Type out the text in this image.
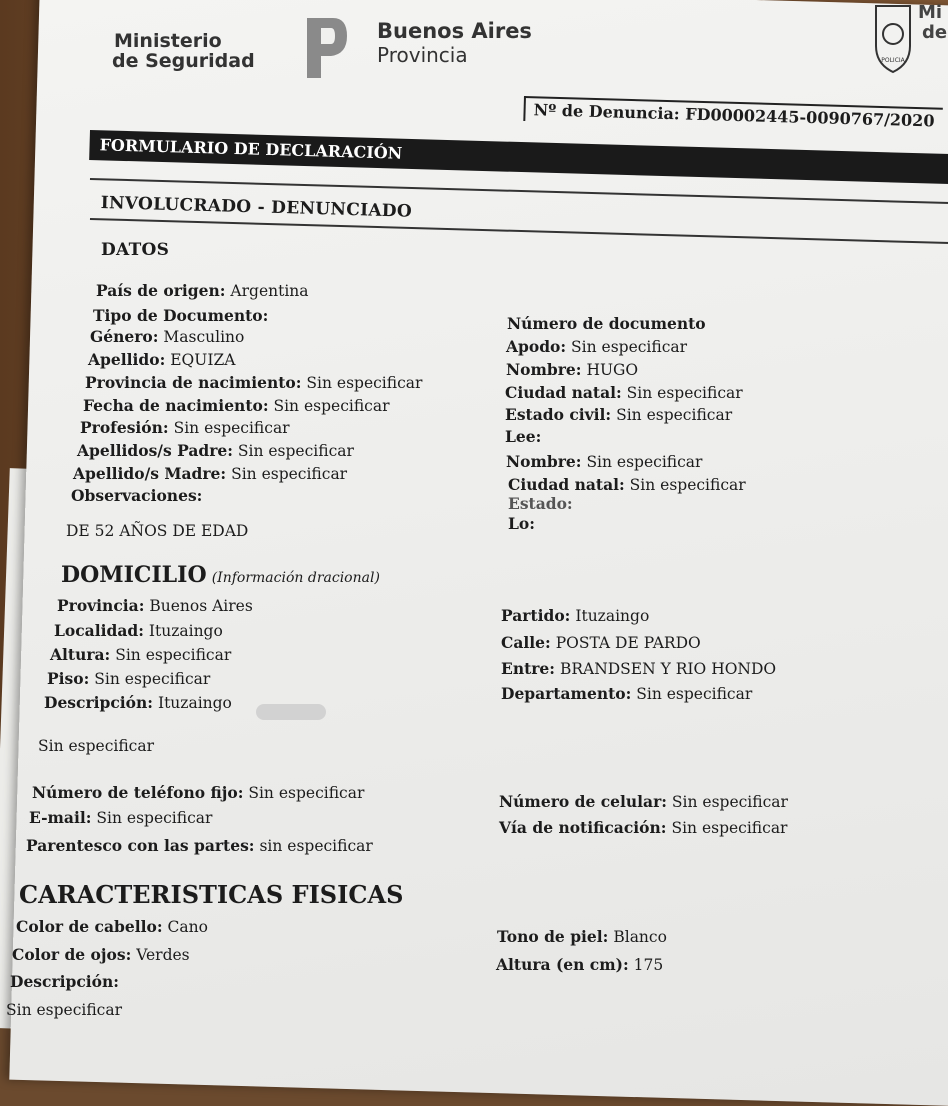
Ministerio
de Seguridad
Buenos Aires
Provincia	POLICIA
Mi
de
Nº de Denuncia: FD00002445-0090767/2020
FORMULARIO DE DECLARACIÓN
INVOLUCRADO - DENUNCIADO
DATOS
País de origen: Argentina
Tipo de Documento:
Género: Masculino
Apellido: EQUIZA
Provincia de nacimiento: Sin especificar
Fecha de nacimiento: Sin especificar
Profesión: Sin especificar
Apellidos/s Padre: Sin especificar
Apellido/s Madre: Sin especificar
Observaciones:
DE 52 AÑOS DE EDAD
Número de documento
Apodo: Sin especificar
Nombre: HUGO
Ciudad natal: Sin especificar
Estado civil: Sin especificar
Lee:
Nombre: Sin especificar
Ciudad natal: Sin especificar
Estado:
Lo:
DOMICILIO (Información dracional)
Provincia: Buenos Aires
Localidad: Ituzaingo
Altura: Sin especificar
Piso: Sin especificar
Descripción: Ituzaingo
Sin especificar
Partido: Ituzaingo
Calle: POSTA DE PARDO
Entre: BRANDSEN Y RIO HONDO
Departamento: Sin especificar
Número de teléfono fijo: Sin especificar
E-mail: Sin especificar
Parentesco con las partes: sin especificar
Número de celular: Sin especificar
Vía de notificación: Sin especificar
CARACTERISTICAS FISICAS
Color de cabello: Cano
Color de ojos: Verdes
Descripción:
Sin especificar
Tono de piel: Blanco
Altura (en cm): 175
